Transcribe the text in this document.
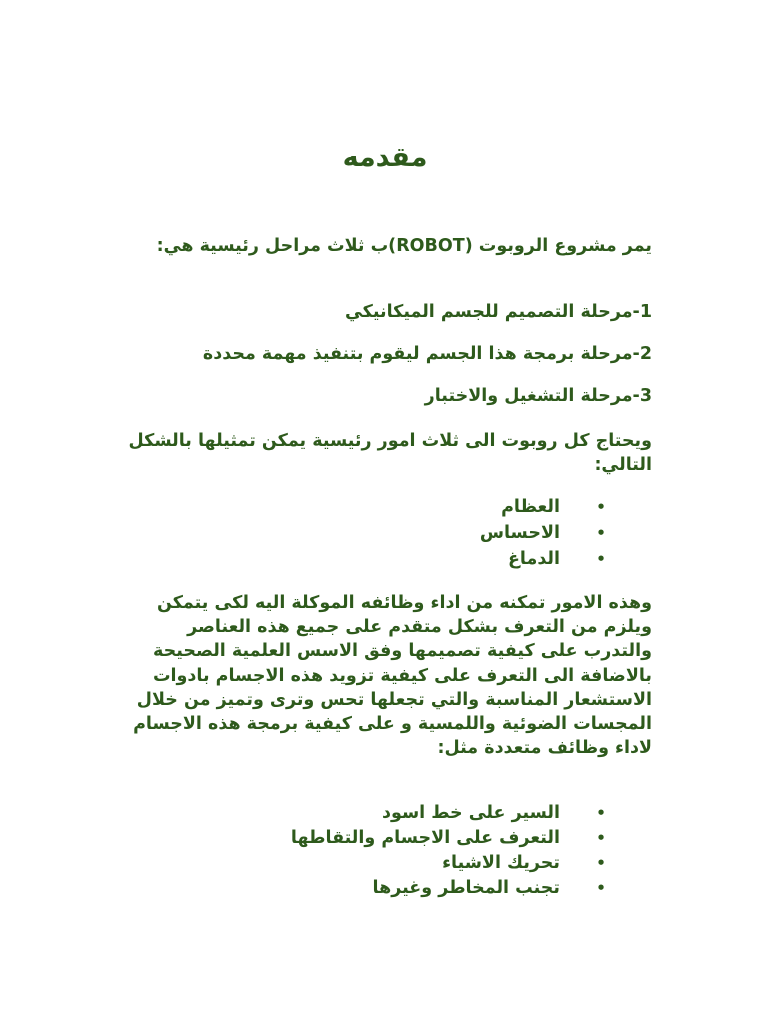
مقدمه

يمر مشروع الروبوت (ROBOT)ب ثلاث مراحل رئيسية هي:

1-مرحلة التصميم للجسم الميكانيكي

2-مرحلة برمجة هذا الجسم ليقوم بتنفيذ مهمة محددة

3-مرحلة التشغيل والاختبار

ويحتاج كل روبوت الى ثلاث امور رئيسية يمكن تمثيلها بالشكل التالي:

•
العظام
•
الاحساس
•
الدماغ

وهذه الامور تمكنه من اداء وظائفه الموكلة اليه لكى يتمكن ويلزم من التعرف بشكل متقدم على جميع هذه العناصر والتدرب على كيفية تصميمها وفق الاسس العلمية الصحيحة بالاضافة الى التعرف على كيفية تزويد هذه الاجسام بادوات الاستشعار المناسبة والتي تجعلها تحس وترى وتميز من خلال المجسات الضوئية واللمسية و على كيفية برمجة هذه الاجسام لاداء وظائف متعددة مثل:

•
السير على خط اسود
•
التعرف على الاجسام والتقاطها
•
تحريك الاشياء
•
تجنب المخاطر وغيرها
